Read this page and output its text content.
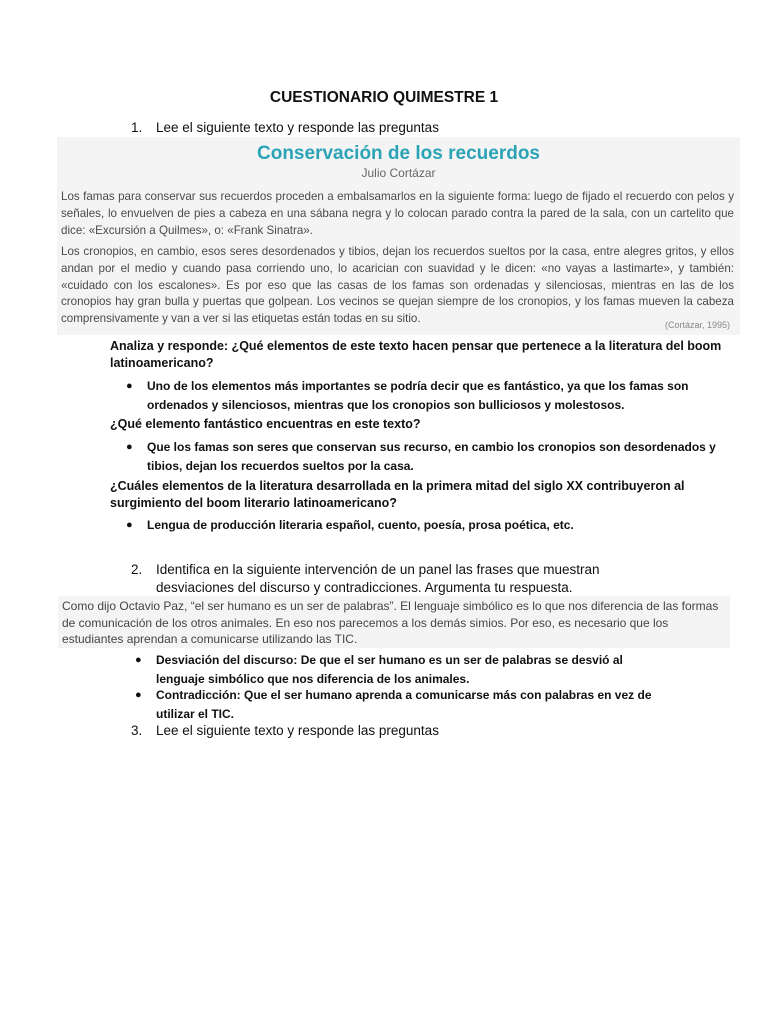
CUESTIONARIO QUIMESTRE 1
1.	Lee el siguiente texto y responde las preguntas
Conservación de los recuerdos
Julio Cortázar
Los famas para conservar sus recuerdos proceden a embalsamarlos en la siguiente forma: luego de fijado el recuerdo con pelos y señales, lo envuelven de pies a cabeza en una sábana negra y lo colocan parado contra la pared de la sala, con un cartelito que dice: «Excursión a Quilmes», o: «Frank Sinatra».
Los cronopios, en cambio, esos seres desordenados y tibios, dejan los recuerdos sueltos por la casa, entre alegres gritos, y ellos andan por el medio y cuando pasa corriendo uno, lo acarician con suavidad y le dicen: «no vayas a lastimarte», y también: «cuidado con los escalones». Es por eso que las casas de los famas son ordenadas y silenciosas, mientras en las de los cronopios hay gran bulla y puertas que golpean. Los vecinos se quejan siempre de los cronopios, y los famas mueven la cabeza comprensivamente y van a ver si las etiquetas están todas en su sitio.	(Cortázar, 1995)
Analiza y responde: ¿Qué elementos de este texto hacen pensar que pertenece a la literatura del boom latinoamericano?
● Uno de los elementos más importantes se podría decir que es fantástico, ya que los famas son ordenados y silenciosos, mientras que los cronopios son bulliciosos y molestosos.
¿Qué elemento fantástico encuentras en este texto?
● Que los famas son seres que conservan sus recurso, en cambio los cronopios son desordenados y tibios, dejan los recuerdos sueltos por la casa.
¿Cuáles elementos de la literatura desarrollada en la primera mitad del siglo XX contribuyeron al surgimiento del boom literario latinoamericano?
● Lengua de producción literaria español, cuento, poesía, prosa poética, etc.
2.	Identifica en la siguiente intervención de un panel las frases que muestran desviaciones del discurso y contradicciones. Argumenta tu respuesta.
Como dijo Octavio Paz, “el ser humano es un ser de palabras”. El lenguaje simbólico es lo que nos diferencia de las formas de comunicación de los otros animales. En eso nos parecemos a los demás simios. Por eso, es necesario que los estudiantes aprendan a comunicarse utilizando las TIC.
● Desviación del discurso: De que el ser humano es un ser de palabras se desvió al lenguaje simbólico que nos diferencia de los animales.
● Contradicción: Que el ser humano aprenda a comunicarse más con palabras en vez de utilizar el TIC.
3.	Lee el siguiente texto y responde las preguntas
